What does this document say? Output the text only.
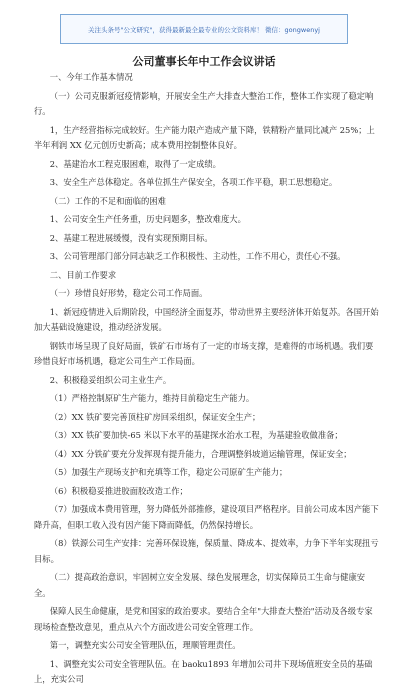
关注头条号"公文研究"，获得最新最全最专业的公文资料库！ 微信：gongwenyj
公司董事长年中工作会议讲话

一、今年工作基本情况

（一）公司克服新冠疫情影响，开展安全生产大排查大整治工作，整体工作实现了稳定响行。

1，生产经营指标完成较好。生产能力限产造成产量下降，铁精粉产量同比减产 25%；上半年利润 XX 亿元创历史新高；成本费用控制整体良好。

2、基建治水工程克服困难，取得了一定成绩。

3、安全生产总体稳定。各单位抓生产保安全，各项工作平稳，职工思想稳定。

（二）工作的不足和面临的困难

1、公司安全生产任务重，历史问题多，整改难度大。

2、基建工程进展缓慢，没有实现预期目标。

3、公司管理部门部分同志缺乏工作积极性、主动性，工作不用心，责任心不强。

二、目前工作要求

（一）珍惜良好形势，稳定公司工作局面。

1、新冠疫情进入后期阶段，中国经济全面复苏，带动世界主要经济体开始复苏。各国开始加大基础设施建设，推动经济发展。

钢铁市场呈现了良好局面，铁矿石市场有了一定的市场支撑，是难得的市场机遇。我们要珍惜良好市场机遇，稳定公司生产工作局面。

2、积极稳妥组织公司主业生产。

（1）严格控制原矿生产能力，维持目前稳定生产能力。

（2）XX 铁矿要完善顶柱矿房回采组织，保证安全生产；

（3）XX 铁矿要加快-65 米以下水平的基建探水治水工程，为基建验收做准备；

（4）XX 分铁矿要充分发挥现有提升能力，合理调整斜坡道运输管理，保证安全；

（5）加强生产现场支护和充填等工作，稳定公司原矿生产能力；

（6）积极稳妥推进胶面胶改造工作；

（7）加强成本费用管理，努力降低外部推修，建设项目严格程序。目前公司成本因产能下降升高，但职工收入没有因产能下降而降低，仍然保持增长。

（8）铁源公司生产安排：完善环保设施，保质量、降成本、提效率，力争下半年实现扭亏目标。

（二）提高政治意识，牢固树立安全发展、绿色发展理念，切实保障员工生命与健康安全。

保障人民生命健康，是党和国家的政治要求。要结合全年"大排查大整治"活动及各级专家现场检查整改意见，重点从六个方面改进公司安全管理工作。

第一，调整充实公司安全管理队伍，理顺管理责任。

1、调整充实公司安全管理队伍。在 baoku1893 年增加公司井下现场值班安全员的基础上，充实公司
